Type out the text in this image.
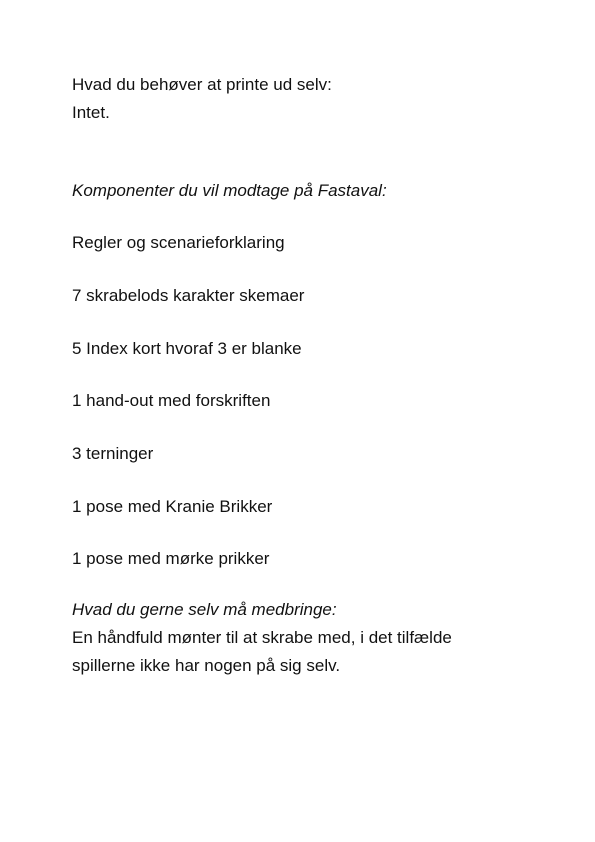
Hvad du behøver at printe ud selv:
Intet.
Komponenter du vil modtage på Fastaval:
Regler og scenarieforklaring
7 skrabelods karakter skemaer
5 Index kort hvoraf 3 er blanke
1 hand-out med forskriften
3 terninger
1 pose med Kranie Brikker
1 pose med mørke prikker
Hvad du gerne selv må medbringe:
En håndfuld mønter til at skrabe med, i det tilfælde
spillerne ikke har nogen på sig selv.
